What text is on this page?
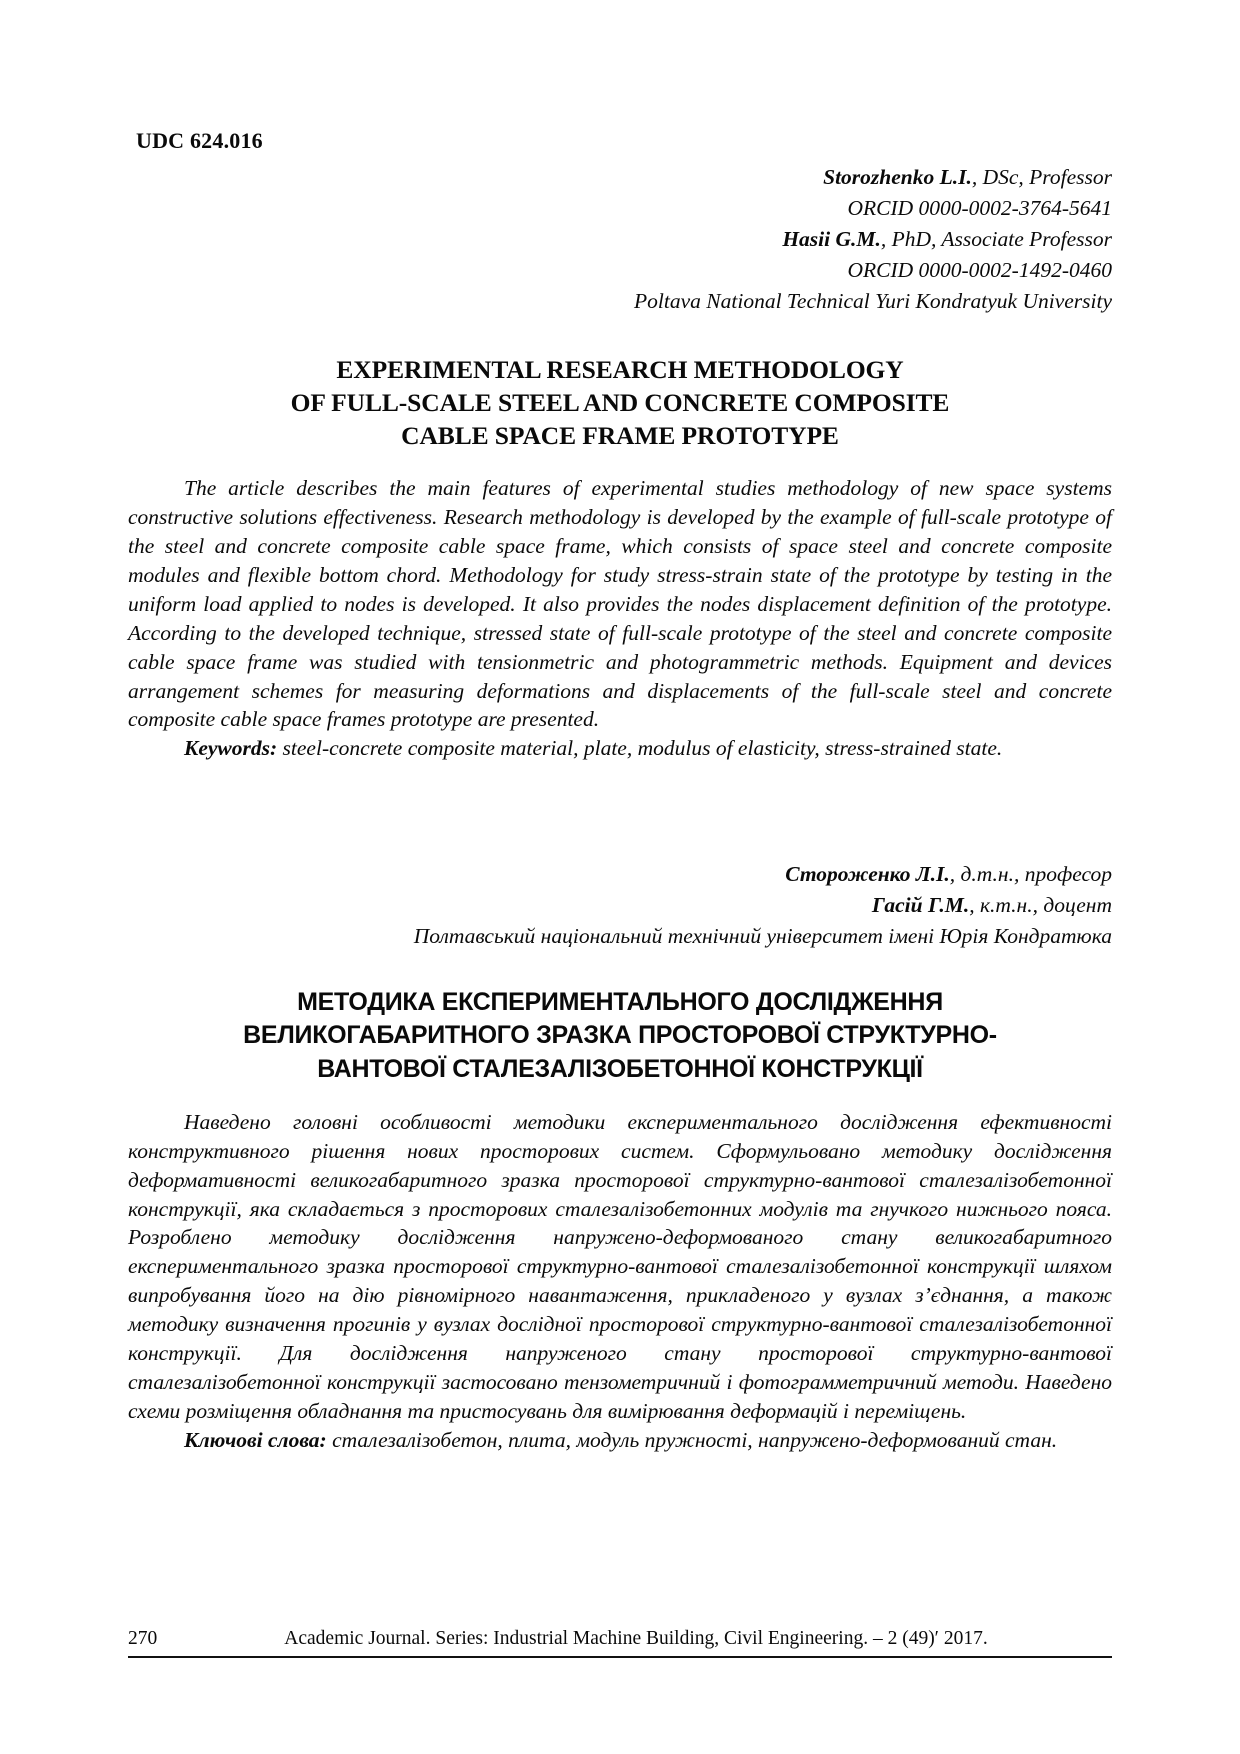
UDC 624.016
Storozhenko L.I., DSc, Professor
ORCID 0000-0002-3764-5641
Hasii G.M., PhD, Associate Professor
ORCID 0000-0002-1492-0460
Poltava National Technical Yuri Kondratyuk University
EXPERIMENTAL RESEARCH METHODOLOGY
OF FULL-SCALE STEEL AND CONCRETE COMPOSITE
CABLE SPACE FRAME PROTOTYPE

The article describes the main features of experimental studies methodology of new space systems constructive solutions effectiveness. Research methodology is developed by the example of full-scale prototype of the steel and concrete composite cable space frame, which consists of space steel and concrete composite modules and flexible bottom chord. Methodology for study stress-strain state of the prototype by testing in the uniform load applied to nodes is developed. It also provides the nodes displacement definition of the prototype. According to the developed technique, stressed state of full-scale prototype of the steel and concrete composite cable space frame was studied with tensionmetric and photogrammetric methods. Equipment and devices arrangement schemes for measuring deformations and displacements of the full-scale steel and concrete composite cable space frames prototype are presented.

Keywords: steel-concrete composite material, plate, modulus of elasticity, stress-strained state.

Стороженко Л.І., д.т.н., професор
Гасій Г.М., к.т.н., доцент
Полтавський національний технічний університет імені Юрія Кондратюка
МЕТОДИКА ЕКСПЕРИМЕНТАЛЬНОГО ДОСЛІДЖЕННЯ
ВЕЛИКОГАБАРИТНОГО ЗРАЗКА ПРОСТОРОВОЇ СТРУКТУРНО-
ВАНТОВОЇ СТАЛЕЗАЛІЗОБЕТОННОЇ КОНСТРУКЦІЇ

Наведено головні особливості методики експериментального дослідження ефективності конструктивного рішення нових просторових систем. Сформульовано методику дослідження деформативності великогабаритного зразка просторової структурно-вантової сталезалізобетонної конструкції, яка складається з просторових сталезалізобетонних модулів та гнучкого нижнього пояса. Розроблено методику дослідження напружено-деформованого стану великогабаритного експериментального зразка просторової структурно-вантової сталезалізобетонної конструкції шляхом випробування його на дію рівномірного навантаження, прикладеного у вузлах з’єднання, а також методику визначення прогинів у вузлах дослідної просторової структурно-вантової сталезалізобетонної конструкції. Для дослідження напруженого стану просторової структурно-вантової сталезалізобетонної конструкції застосовано тензометричний і фотограмметричний методи. Наведено схеми розміщення обладнання та пристосувань для вимірювання деформацій і переміщень.

Ключові слова: сталезалізобетон, плита, модуль пружності, напружено-деформований стан.

270	Academic Journal. Series: Industrial Machine Building, Civil Engineering. – 2 (49)′ 2017.
